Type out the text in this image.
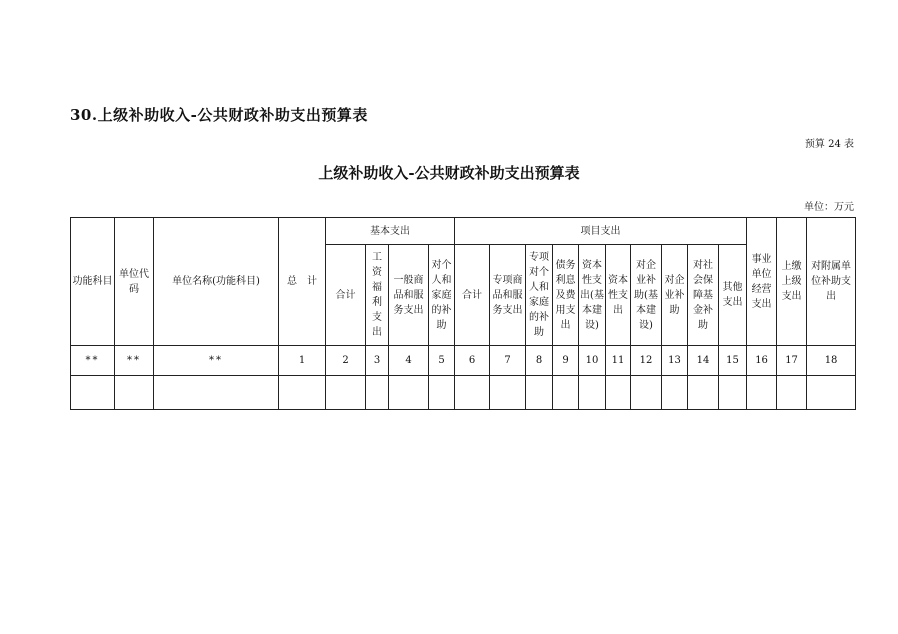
30.上级补助收入-公共财政补助支出预算表
预算 24 表
上级补助收入-公共财政补助支出预算表
单位：万元
功能科目	单位代码	单位名称(功能科目)	总　计	基本支出				项目支出										事业单位经营支出	上缴上级支出	对附属单位补助支出
				合计	工资福利支出	一般商品和服务支出	对个人和家庭的补助	合计	专项商品和服务支出	专项对个人和家庭的补助	债务利息及费用支出	资本性支出(基本建设)	资本性支出	对企业补助(基本建设)	对企业补助	对社会保障基金补助	其他支出			
**	**	**	1	2	3	4	5	6	7	8	9	10	11	12	13	14	15	16	17	18
